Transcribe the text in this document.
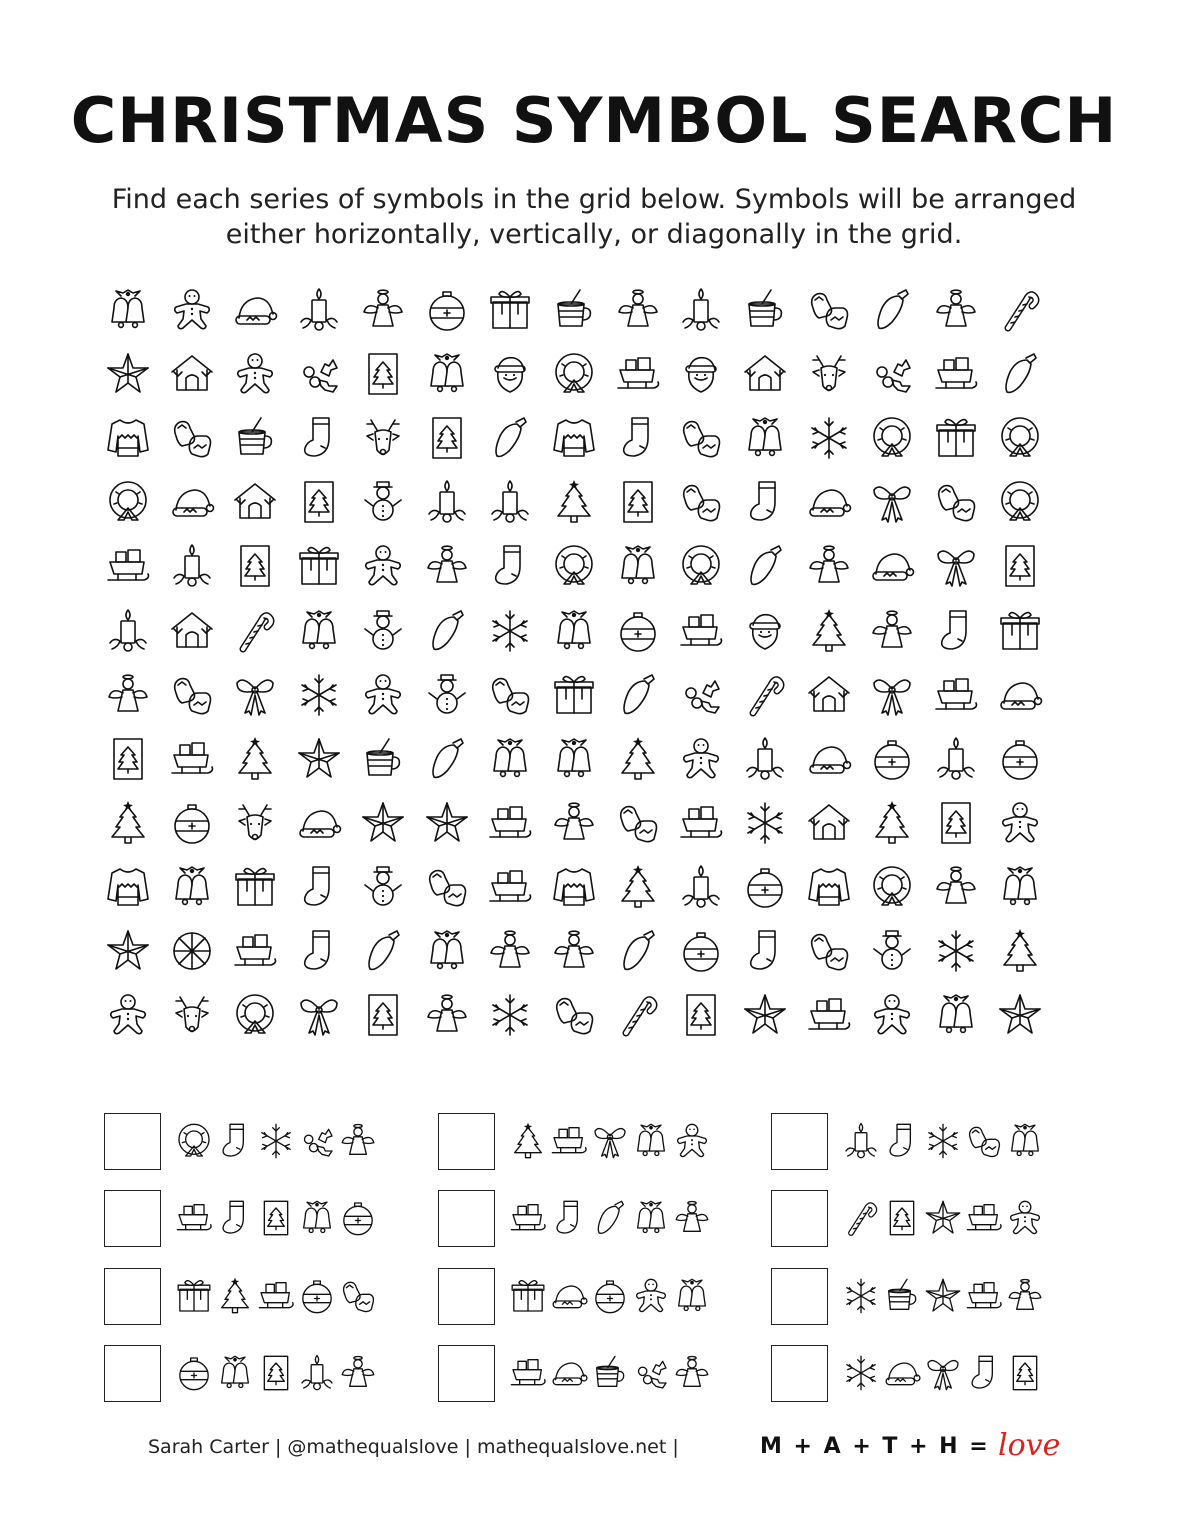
CHRISTMAS SYMBOL SEARCH

Find each series of symbols in the grid below. Symbols will be arranged either horizontally, vertically, or diagonally in the grid.

Sarah Carter | @mathequalslove | mathequalslove.net |	M + A + T + H = love
